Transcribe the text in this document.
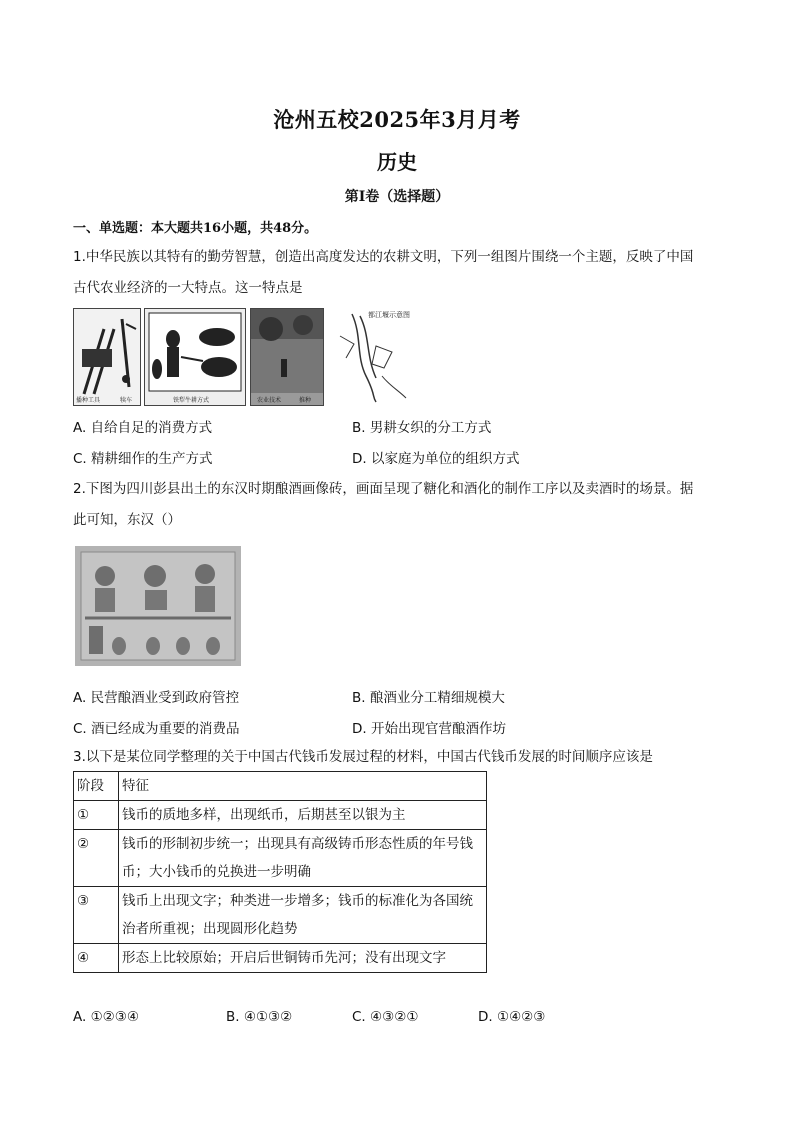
沧州五校2025年3月月考
历史
第I卷（选择题）
一、单选题：本大题共16小题，共48分。
1.中华民族以其特有的勤劳智慧，创造出高度发达的农耕文明，下列一组图片围绕一个主题，反映了中国
古代农业经济的一大特点。这一特点是
播种工具	犊车	铁犁牛耕方式	农业技术	推种
都江堰示意图
A. 自给自足的消费方式	B. 男耕女织的分工方式
C. 精耕细作的生产方式	D. 以家庭为单位的组织方式
2.下图为四川彭县出土的东汉时期酿酒画像砖，画面呈现了糖化和酒化的制作工序以及卖酒时的场景。据
此可知，东汉（）
A. 民营酿酒业受到政府管控	B. 酿酒业分工精细规模大
C. 酒已经成为重要的消费品	D. 开始出现官营酿酒作坊
3.以下是某位同学整理的关于中国古代钱币发展过程的材料，中国古代钱币发展的时间顺序应该是
阶段	特征
①	钱币的质地多样，出现纸币，后期甚至以银为主
②	钱币的形制初步统一；出现具有高级铸币形态性质的年号钱币；大小钱币的兑换进一步明确
③	钱币上出现文字；种类进一步增多；钱币的标准化为各国统治者所重视；出现圆形化趋势
④	形态上比较原始；开启后世铜铸币先河；没有出现文字
A. ①②③④	B. ④①③②	C. ④③②①	D. ①④②③
